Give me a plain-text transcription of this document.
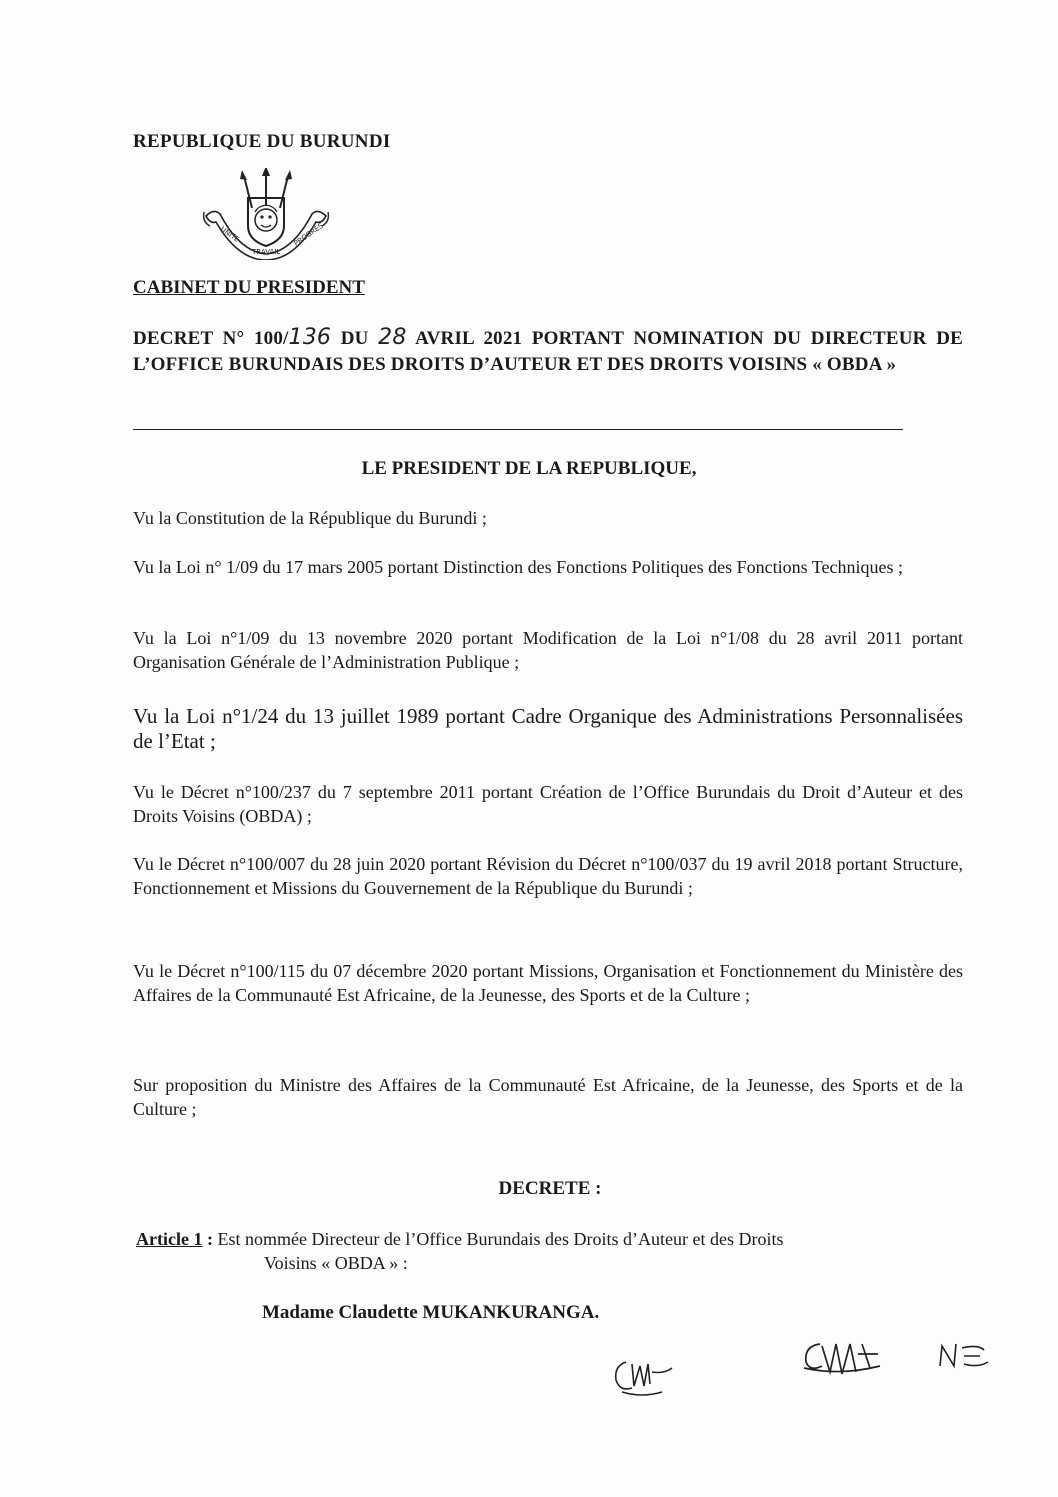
REPUBLIQUE DU BURUNDI
UNITE
TRAVAIL
PROGRES
CABINET DU PRESIDENT
DECRET N° 100/136 DU 28 AVRIL 2021 PORTANT NOMINATION DU DIRECTEUR DE L’OFFICE BURUNDAIS DES DROITS D’AUTEUR ET DES DROITS VOISINS « OBDA »
LE PRESIDENT DE LA REPUBLIQUE,
Vu la Constitution de la République du Burundi ;
Vu la Loi n° 1/09 du 17 mars 2005 portant Distinction des Fonctions Politiques des Fonctions Techniques ;
Vu la Loi n°1/09 du 13 novembre 2020 portant Modification de la Loi n°1/08 du 28 avril 2011 portant Organisation Générale de l’Administration Publique ;
Vu la Loi n°1/24 du 13 juillet 1989 portant Cadre Organique des Administrations Personnalisées de l’Etat ;
Vu le Décret n°100/237 du 7 septembre 2011 portant Création de l’Office Burundais du Droit d’Auteur et des Droits Voisins (OBDA) ;
Vu le Décret n°100/007 du 28 juin 2020 portant Révision du Décret n°100/037 du 19 avril 2018 portant Structure, Fonctionnement et Missions du Gouvernement de la République du Burundi ;
Vu le Décret n°100/115 du 07 décembre 2020 portant Missions, Organisation et Fonctionnement du Ministère des Affaires de la Communauté Est Africaine, de la Jeunesse, des Sports et de la Culture ;
Sur proposition du Ministre des Affaires de la Communauté Est Africaine, de la Jeunesse, des Sports et de la Culture ;
DECRETE :
Article 1 : Est nommée Directeur de l’Office Burundais des Droits d’Auteur et des Droits
Voisins « OBDA » :
Madame Claudette MUKANKURANGA.
